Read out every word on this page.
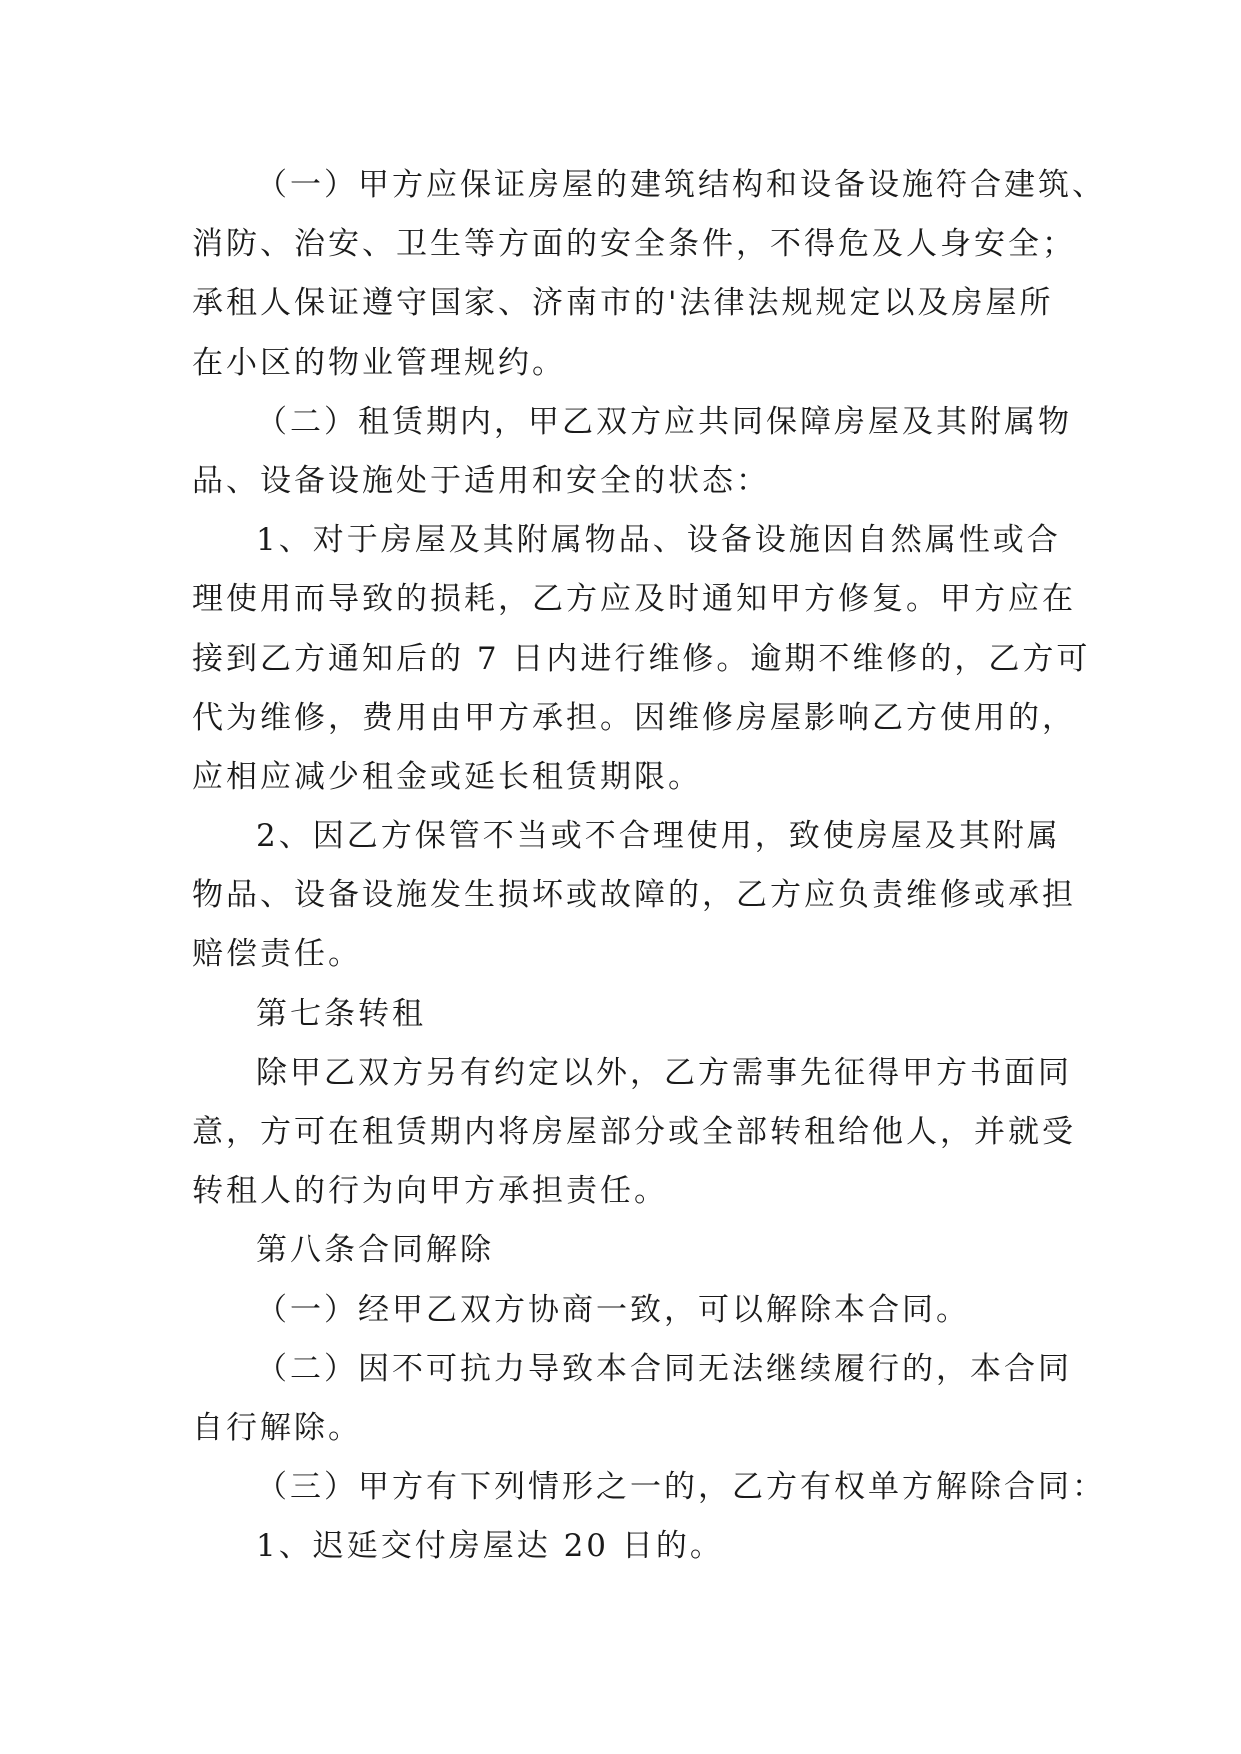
（一）甲方应保证房屋的建筑结构和设备设施符合建筑、
消防、治安、卫生等方面的安全条件，不得危及人身安全；
承租人保证遵守国家、济南市的'法律法规规定以及房屋所
在小区的物业管理规约。
（二）租赁期内，甲乙双方应共同保障房屋及其附属物
品、设备设施处于适用和安全的状态：
1、对于房屋及其附属物品、设备设施因自然属性或合
理使用而导致的损耗，乙方应及时通知甲方修复。甲方应在
接到乙方通知后的 7 日内进行维修。逾期不维修的，乙方可
代为维修，费用由甲方承担。因维修房屋影响乙方使用的，
应相应减少租金或延长租赁期限。
2、因乙方保管不当或不合理使用，致使房屋及其附属
物品、设备设施发生损坏或故障的，乙方应负责维修或承担
赔偿责任。
第七条转租
除甲乙双方另有约定以外，乙方需事先征得甲方书面同
意，方可在租赁期内将房屋部分或全部转租给他人，并就受
转租人的行为向甲方承担责任。
第八条合同解除
（一）经甲乙双方协商一致，可以解除本合同。
（二）因不可抗力导致本合同无法继续履行的，本合同
自行解除。
（三）甲方有下列情形之一的，乙方有权单方解除合同：
1、迟延交付房屋达 20 日的。
